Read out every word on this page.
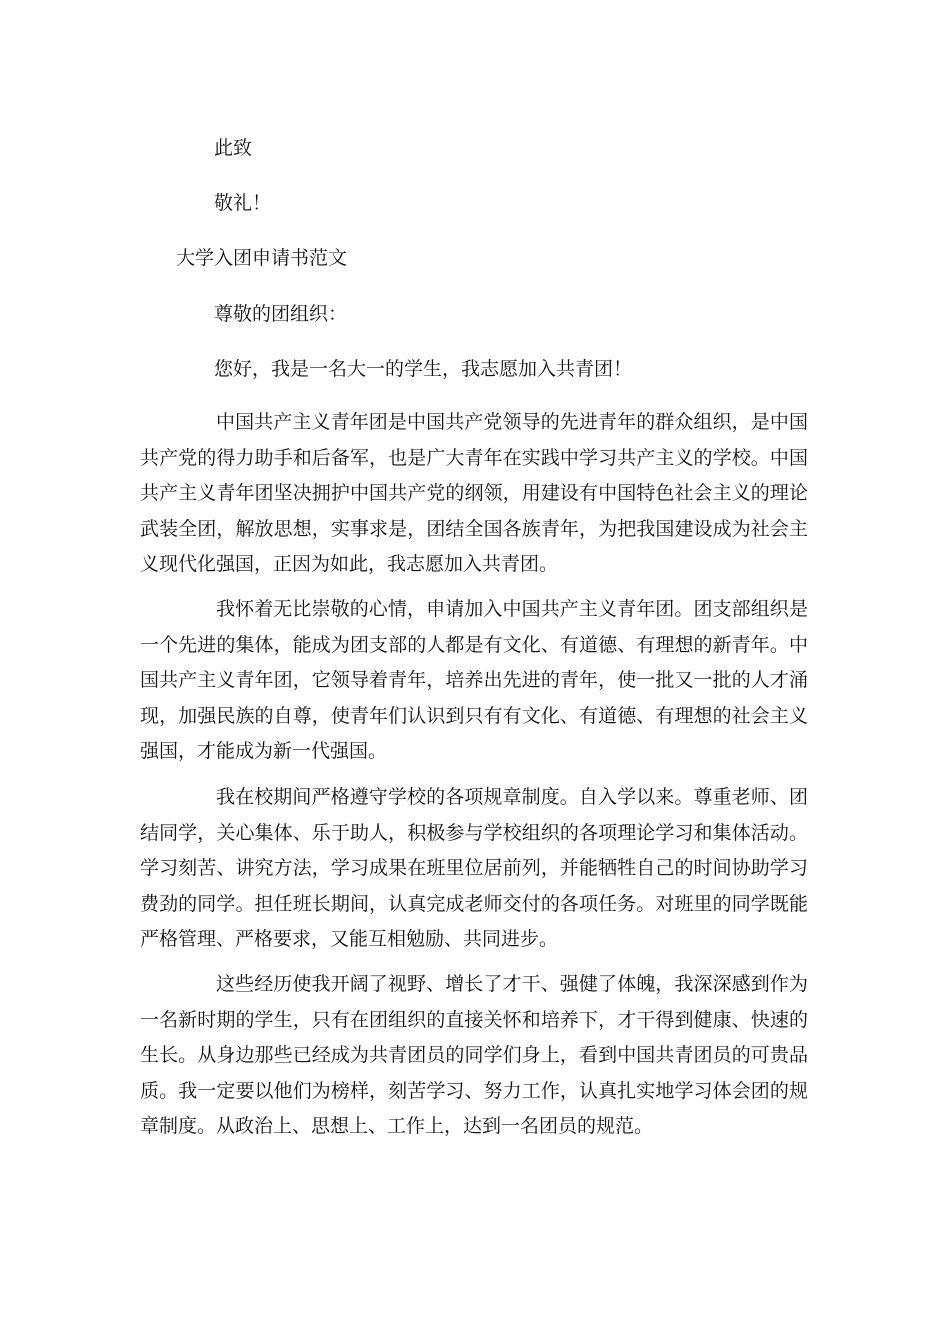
此致

敬礼！

大学入团申请书范文

尊敬的团组织：

您好，我是一名大一的学生，我志愿加入共青团！

中国共产主义青年团是中国共产党领导的先进青年的群众组织，是中国共产党的得力助手和后备军，也是广大青年在实践中学习共产主义的学校。中国共产主义青年团坚决拥护中国共产党的纲领，用建设有中国特色社会主义的理论武装全团，解放思想，实事求是，团结全国各族青年，为把我国建设成为社会主义现代化强国，正因为如此，我志愿加入共青团。

我怀着无比崇敬的心情，申请加入中国共产主义青年团。团支部组织是一个先进的集体，能成为团支部的人都是有文化、有道德、有理想的新青年。中国共产主义青年团，它领导着青年，培养出先进的青年，使一批又一批的人才涌现，加强民族的自尊，使青年们认识到只有有文化、有道德、有理想的社会主义强国，才能成为新一代强国。

我在校期间严格遵守学校的各项规章制度。自入学以来。尊重老师、团结同学，关心集体、乐于助人，积极参与学校组织的各项理论学习和集体活动。学习刻苦、讲究方法，学习成果在班里位居前列，并能牺牲自己的时间协助学习费劲的同学。担任班长期间，认真完成老师交付的各项任务。对班里的同学既能严格管理、严格要求，又能互相勉励、共同进步。

这些经历使我开阔了视野、增长了才干、强健了体魄，我深深感到作为一名新时期的学生，只有在团组织的直接关怀和培养下，才干得到健康、快速的生长。从身边那些已经成为共青团员的同学们身上，看到中国共青团员的可贵品质。我一定要以他们为榜样，刻苦学习、努力工作，认真扎实地学习体会团的规章制度。从政治上、思想上、工作上，达到一名团员的规范。
